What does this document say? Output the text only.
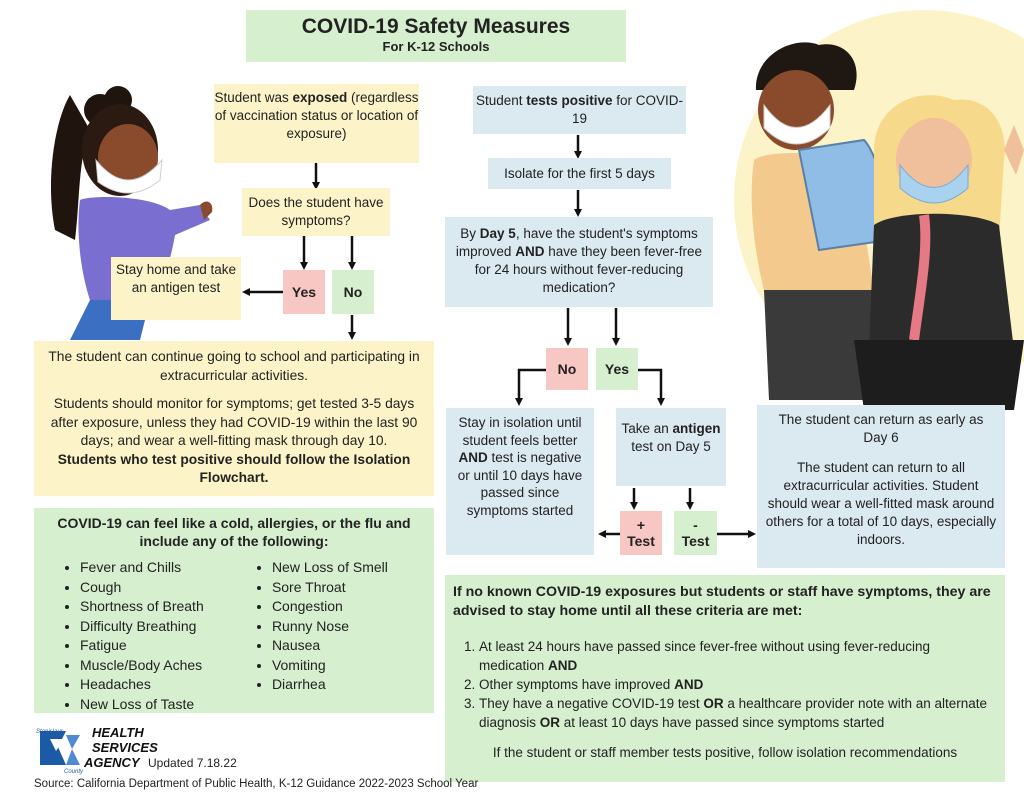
COVID-19 Safety Measures
For K-12 Schools
Student was exposed (regardless of vaccination status or location of exposure)
Does the student have symptoms?
Yes	No
Stay home and take an antigen test

The student can continue going to school and participating in extracurricular activities.

Students should monitor for symptoms; get tested 3-5 days after exposure, unless they had COVID-19 within the last 90 days; and wear a well-fitting mask through day 10.

Students who test positive should follow the Isolation Flowchart.

Student tests positive for COVID-19
Isolate for the first 5 days
By Day 5, have the student's symptoms improved AND have they been fever-free for 24 hours without fever-reducing medication?
No	Yes
Stay in isolation until student feels better AND test is negative or until 10 days have passed since symptoms started
Take an antigen test on Day 5
+
Test
-
Test

The student can return as early as Day 6

The student can return to all extracurricular activities. Student should wear a well-fitted mask around others for a total of 10 days, especially indoors.

COVID-19 can feel like a cold, allergies, or the flu and include any of the following:

• Fever and Chills
• Cough
• Shortness of Breath
• Difficulty Breathing
• Fatigue
• Muscle/Body Aches
• Headaches
• New Loss of Taste
• New Loss of Smell
• Sore Throat
• Congestion
• Runny Nose
• Nausea
• Vomiting
• Diarrhea

If no known COVID-19 exposures but students or staff have symptoms, they are advised to stay home until all these criteria are met:

1. At least 24 hours have passed since fever-free without using fever-reducing medication AND
2. Other symptoms have improved AND
3. They have a negative COVID-19 test OR a healthcare provider note with an alternate diagnosis OR at least 10 days have passed since symptoms started

If the student or staff member tests positive, follow isolation recommendations

Stanislaus
County
HEALTH
SERVICES
AGENCY Updated 7.18.22
Source: California Department of Public Health, K-12 Guidance 2022-2023 School Year
